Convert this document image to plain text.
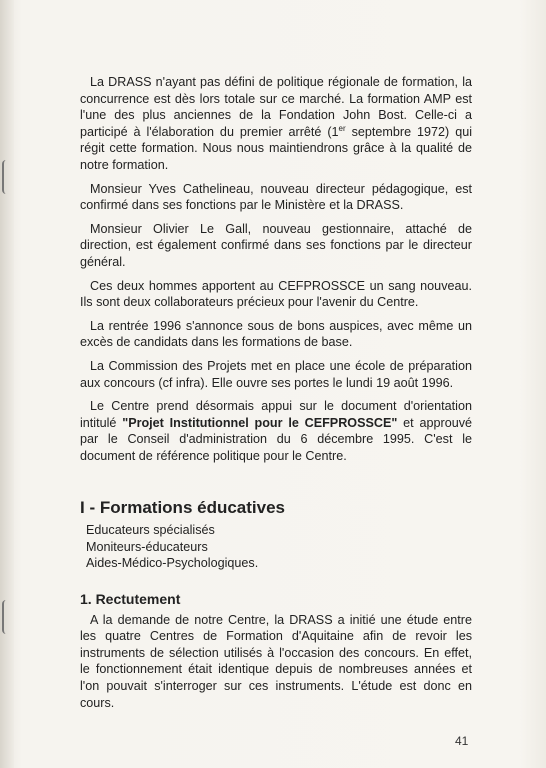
La DRASS n'ayant pas défini de politique régionale de formation, la concurrence est dès lors totale sur ce marché. La formation AMP est l'une des plus anciennes de la Fondation John Bost. Celle-ci a participé à l'élaboration du premier arrêté (1er septembre 1972) qui régit cette formation. Nous nous maintiendrons grâce à la qualité de notre formation.

Monsieur Yves Cathelineau, nouveau directeur pédagogique, est confirmé dans ses fonctions par le Ministère et la DRASS.

Monsieur Olivier Le Gall, nouveau gestionnaire, attaché de direction, est également confirmé dans ses fonctions par le directeur général.

Ces deux hommes apportent au CEFPROSSCE un sang nouveau. Ils sont deux collaborateurs précieux pour l'avenir du Centre.

La rentrée 1996 s'annonce sous de bons auspices, avec même un excès de candidats dans les formations de base.

La Commission des Projets met en place une école de préparation aux concours (cf infra). Elle ouvre ses portes le lundi 19 août 1996.

Le Centre prend désormais appui sur le document d'orientation intitulé "Projet Institutionnel pour le CEFPROSSCE" et approuvé par le Conseil d'administration du 6 décembre 1995. C'est le document de référence politique pour le Centre.

I - Formations éducatives
Educateurs spécialisés
Moniteurs-éducateurs
Aides-Médico-Psychologiques.
1. Rectutement

A la demande de notre Centre, la DRASS a initié une étude entre les quatre Centres de Formation d'Aquitaine afin de revoir les instruments de sélection utilisés à l'occasion des concours. En effet, le fonctionnement était identique depuis de nombreuses années et l'on pouvait s'interroger sur ces instruments. L'étude est donc en cours.

41
